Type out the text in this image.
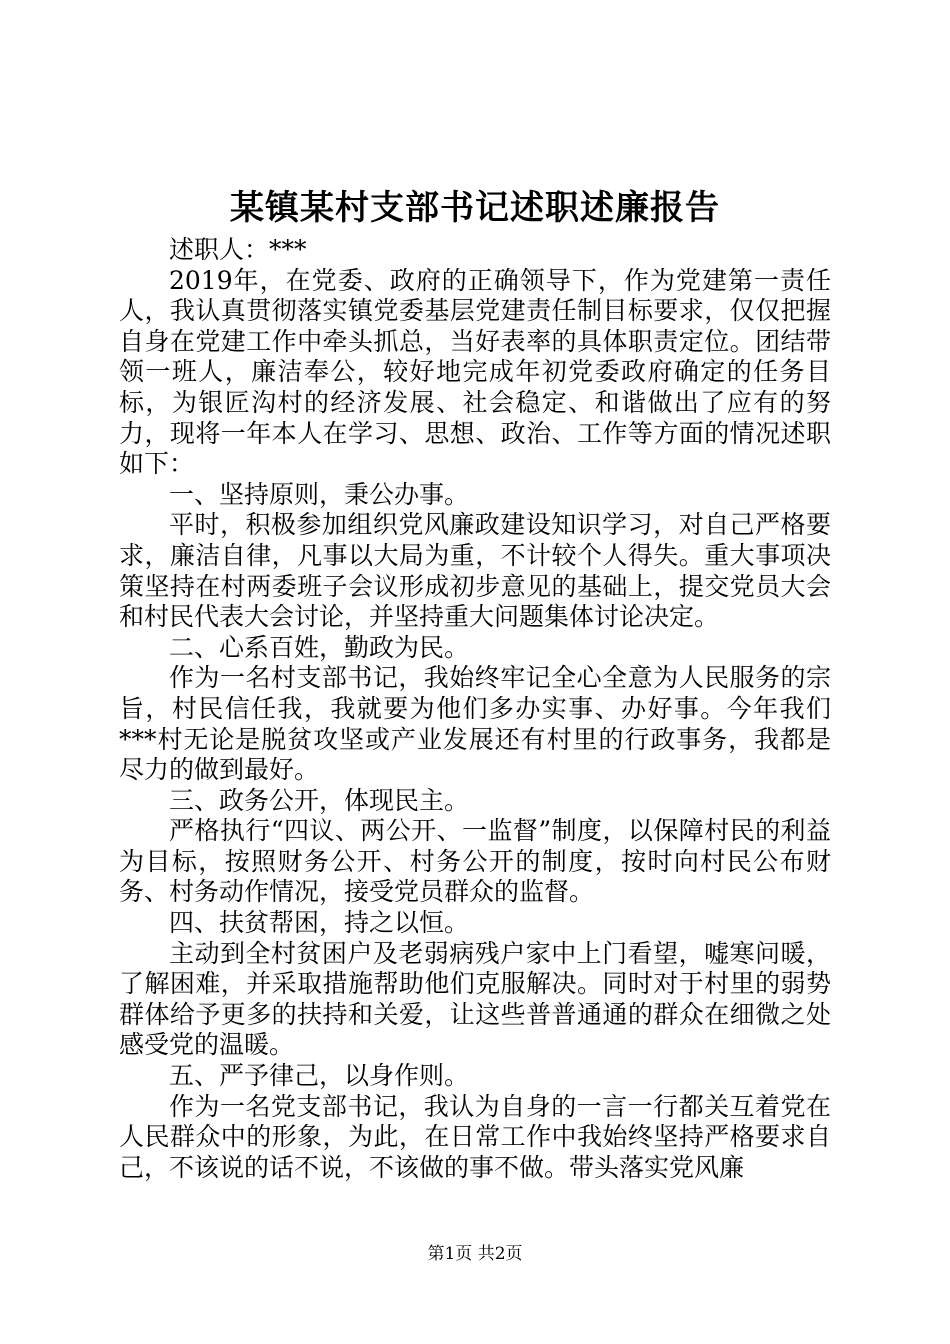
某镇某村支部书记述职述廉报告

述职人：***

2019年，在党委、政府的正确领导下，作为党建第一责任人，我认真贯彻落实镇党委基层党建责任制目标要求，仅仅把握自身在党建工作中牵头抓总，当好表率的具体职责定位。团结带领一班人，廉洁奉公，较好地完成年初党委政府确定的任务目标，为银匠沟村的经济发展、社会稳定、和谐做出了应有的努力，现将一年本人在学习、思想、政治、工作等方面的情况述职如下：

一、坚持原则，秉公办事。

平时，积极参加组织党风廉政建设知识学习，对自己严格要求，廉洁自律，凡事以大局为重，不计较个人得失。重大事项决策坚持在村两委班子会议形成初步意见的基础上，提交党员大会和村民代表大会讨论，并坚持重大问题集体讨论决定。

二、心系百姓，勤政为民。

作为一名村支部书记，我始终牢记全心全意为人民服务的宗旨，村民信任我，我就要为他们多办实事、办好事。今年我们***村无论是脱贫攻坚或产业发展还有村里的行政事务，我都是尽力的做到最好。

三、政务公开，体现民主。

严格执行“四议、两公开、一监督”制度，以保障村民的利益为目标，按照财务公开、村务公开的制度，按时向村民公布财务、村务动作情况，接受党员群众的监督。

四、扶贫帮困，持之以恒。

主动到全村贫困户及老弱病残户家中上门看望，嘘寒问暖，了解困难，并采取措施帮助他们克服解决。同时对于村里的弱势群体给予更多的扶持和关爱，让这些普普通通的群众在细微之处感受党的温暖。

五、严予律己，以身作则。

作为一名党支部书记，我认为自身的一言一行都关互着党在人民群众中的形象，为此，在日常工作中我始终坚持严格要求自己，不该说的话不说，不该做的事不做。带头落实党风廉

第1页 共2页
